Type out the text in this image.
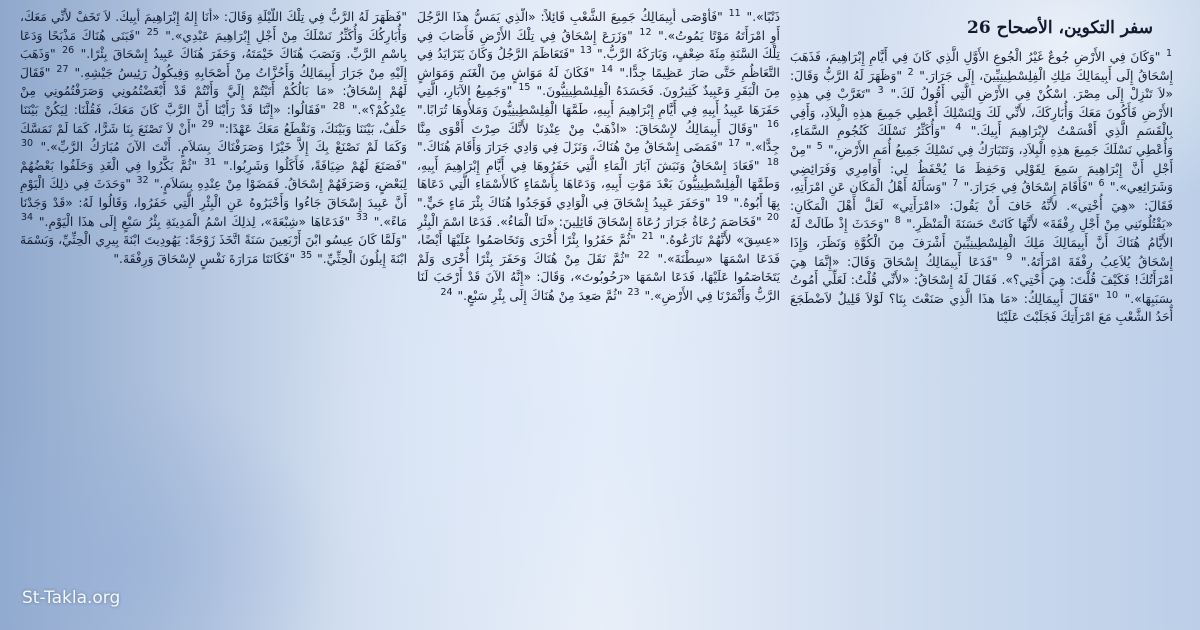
سفر التكوين، الأصحاح 26
$^1$ "وَكَانَ فِي الأَرْضِ جُوعٌ غَيْرُ الْجُوعِ الأَوَّلِ الَّذِي كَانَ فِي أَيَّامِ إِبْرَاهِيمَ، فَذَهَبَ إِسْحَاقُ إِلَى أَبِيمَالِكَ مَلِكِ الْفِلِسْطِينِيِّينَ، إِلَى جَرَارَ." $^2$ "وَظَهَرَ لَهُ الرَّبُّ وَقَالَ: «لاَ تَنْزِلْ إِلَى مِصْرَ. اسْكُنْ فِي الأَرْضِ الَّتِي أَقُولُ لَكَ." $^3$ "تَغَرَّبْ فِي هذِهِ الأَرْضِ فَأَكُونَ مَعَكَ وَأُبَارِكَكَ، لأَنِّي لَكَ وَلِنَسْلِكَ أُعْطِي جَمِيعَ هذِهِ الْبِلاَدِ، وَأَفِي بِالْقَسَمِ الَّذِي أَقْسَمْتُ لإِبْرَاهِيمَ أَبِيكَ." $^4$ "وَأُكَثِّرُ نَسْلَكَ كَنُجُومِ السَّمَاءِ، وَأُعْطِي نَسْلَكَ جَمِيعَ هذِهِ الْبِلاَدِ، وَتَتَبَارَكُ فِي نَسْلِكَ جَمِيعُ أُمَمِ الأَرْضِ،" $^5$ "مِنْ أَجْلِ أَنَّ إِبْرَاهِيمَ سَمِعَ لِقَوْلِي وَحَفِظَ مَا يُحْفَظُ لِي: أَوَامِرِي وَفَرَائِضِي وَشَرَائِعِي»." $^6$ "فَأَقَامَ إِسْحَاقُ فِي جَرَارَ." $^7$ "وَسَأَلَهُ أَهْلُ الْمَكَانِ عَنِ امْرَأَتِهِ، فَقَالَ: «هِيَ أُخْتِي». لأَنَّهُ خَافَ أَنْ يَقُولَ: «امْرَأَتِي» لَعَلَّ أَهْلَ الْمَكَانِ: «يَقْتُلُونَنِي مِنْ أَجْلِ رِفْقَةَ» لأَنَّهَا كَانَتْ حَسَنَةَ الْمَنْظَرِ." $^8$ "وَحَدَثَ إِذْ طَالَتْ لَهُ الأَيَّامُ هُنَاكَ أَنَّ أَبِيمَالِكَ مَلِكَ الْفِلِسْطِينِيِّينَ أَشْرَفَ مِنَ الْكُوَّةِ وَنَظَرَ، وَإِذَا إِسْحَاقُ يُلاَعِبُ رِفْقَةَ امْرَأَتَهُ." $^9$ "فَدَعَا أَبِيمَالِكُ إِسْحَاقَ وَقَالَ: «إِنَّمَا هِيَ امْرَأَتُكَ! فَكَيْفَ قُلْتَ: هِيَ أُخْتِي؟». فَقَالَ لَهُ إِسْحَاقُ: «لأَنِّي قُلْتُ: لَعَلِّي أَمُوتُ بِسَبَبِهَا»." $^{10}$ "فَقَالَ أَبِيمَالِكُ: «مَا هذَا الَّذِي صَنَعْتَ بِنَا؟ لَوْلاَ قَلِيلٌ لاَضْطَجَعَ أَحَدُ الشَّعْبِ مَعَ امْرَأَتِكَ فَجَلَبْتَ عَلَيْنَا
ذَنْبًا»." $^{11}$ "فَأَوْصَى أَبِيمَالِكُ جَمِيعَ الشَّعْبِ قَائِلاً: «الَّذِي يَمَسُّ هذَا الرَّجُلَ أَوِ امْرَأَتَهُ مَوْتًا يَمُوتُ»." $^{12}$ "وَزَرَعَ إِسْحَاقُ فِي تِلْكَ الأَرْضِ فَأَصَابَ فِي تِلْكَ السَّنَةِ مِئَةَ ضِعْفٍ، وَبَارَكَهُ الرَّبُّ." $^{13}$ "فَتَعَاظَمَ الرَّجُلُ وَكَانَ يَتَزَايَدُ فِي التَّعَاظُمِ حَتَّى صَارَ عَظِيمًا جِدًّا." $^{14}$ "فَكَانَ لَهُ مَوَاشٍ مِنَ الْغَنَمِ وَمَوَاشٍ مِنَ الْبَقَرِ وَعَبِيدٌ كَثِيرُونَ. فَحَسَدَهُ الْفِلِسْطِينِيُّونَ." $^{15}$ "وَجَمِيعُ الآبَارِ، الَّتِي حَفَرَهَا عَبِيدُ أَبِيهِ فِي أَيَّامِ إِبْرَاهِيمَ أَبِيهِ، طَمَّهَا الْفِلِسْطِينِيُّونَ وَمَلأُوهَا تُرَابًا." $^{16}$ "وَقَالَ أَبِيمَالِكُ لإِسْحَاقَ: «اذْهَبْ مِنْ عِنْدِنَا لأَنَّكَ صِرْتَ أَقْوَى مِنَّا جِدًّا»." $^{17}$ "فَمَضَى إِسْحَاقُ مِنْ هُنَاكَ، وَنَزَلَ فِي وَادِي جَرَارَ وَأَقَامَ هُنَاكَ." $^{18}$ "فَعَادَ إِسْحَاقُ وَنَبَشَ آبَارَ الْمَاءِ الَّتِي حَفَرُوهَا فِي أَيَّامِ إِبْرَاهِيمَ أَبِيهِ، وَطَمَّهَا الْفِلِسْطِينِيُّونَ بَعْدَ مَوْتِ أَبِيهِ، وَدَعَاهَا بِأَسْمَاءٍ كَالأَسْمَاءِ الَّتِي دَعَاهَا بِهَا أَبُوهُ." $^{19}$ "وَحَفَرَ عَبِيدُ إِسْحَاقَ فِي الْوَادِي فَوَجَدُوا هُنَاكَ بِئْرَ مَاءٍ حَيٍّ." $^{20}$ "فَخَاصَمَ رُعَاةُ جَرَارَ رُعَاةَ إِسْحَاقَ قَائِلِينَ: «لَنَا الْمَاءُ». فَدَعَا اسْمَ الْبِئْرِ «عِسِقَ» لأَنَّهُمْ نَازَعُوهُ." $^{21}$ "ثُمَّ حَفَرُوا بِئْرًا أُخْرَى وَتَخَاصَمُوا عَلَيْهَا أَيْضًا، فَدَعَا اسْمَهَا «سِطْنَةَ»." $^{22}$ "ثُمَّ نَقَلَ مِنْ هُنَاكَ وَحَفَرَ بِئْرًا أُخْرَى وَلَمْ يَتَخَاصَمُوا عَلَيْهَا، فَدَعَا اسْمَهَا «رَحُوبُوتَ»، وَقَالَ: «إِنَّهُ الآنَ قَدْ أَرْحَبَ لَنَا الرَّبُّ وَأَثْمَرْنَا فِي الأَرْضِ»." $^{23}$ "ثُمَّ صَعِدَ مِنْ هُنَاكَ إِلَى بِئْرِ سَبْعٍ." $^{24}$
"فَظَهَرَ لَهُ الرَّبُّ فِي تِلْكَ اللَّيْلَةِ وَقَالَ: «أَنَا إِلهُ إِبْرَاهِيمَ أَبِيكَ. لاَ تَخَفْ لأَنِّي مَعَكَ، وَأُبَارِكُكَ وَأُكَثِّرُ نَسْلَكَ مِنْ أَجْلِ إِبْرَاهِيمَ عَبْدِي»." $^{25}$ "فَبَنَى هُنَاكَ مَذْبَحًا وَدَعَا بِاسْمِ الرَّبِّ. وَنَصَبَ هُنَاكَ خَيْمَتَهُ، وَحَفَرَ هُنَاكَ عَبِيدُ إِسْحَاقَ بِئْرًا." $^{26}$ "وَذَهَبَ إِلَيْهِ مِنْ جَرَارَ أَبِيمَالِكُ وَأَحُزَّاتُ مِنْ أَصْحَابِهِ وَفِيكُولُ رَئِيسُ جَيْشِهِ." $^{27}$ "فَقَالَ لَهُمْ إِسْحَاقُ: «مَا بَالُكُمْ أَتَيْتُمْ إِلَيَّ وَأَنْتُمْ قَدْ أَبْغَضْتُمُونِي وَصَرَفْتُمُونِي مِنْ عِنْدِكُمْ؟»." $^{28}$ "فَقَالُوا: «إِنَّنَا قَدْ رَأَيْنَا أَنَّ الرَّبَّ كَانَ مَعَكَ، فَقُلْنَا: لِيَكُنْ بَيْنَنَا حَلْفٌ، بَيْنَنَا وَبَيْنَكَ، وَنَقْطَعُ مَعَكَ عَهْدًا:" $^{29}$ "أَنْ لاَ تَصْنَعَ بِنَا شَرًّا، كَمَا لَمْ نَمَسَّكَ وَكَمَا لَمْ نَصْنَعْ بِكَ إِلاَّ خَيْرًا وَصَرَفْنَاكَ بِسَلاَمٍ. أَنْتَ الآنَ مُبَارَكُ الرَّبِّ»." $^{30}$ "فَصَنَعَ لَهُمْ ضِيَافَةً، فَأَكَلُوا وَشَرِبُوا." $^{31}$ "ثُمَّ بَكَّرُوا فِي الْغَدِ وَحَلَفُوا بَعْضُهُمْ لِبَعْضٍ، وَصَرَفَهُمْ إِسْحَاقُ. فَمَضَوْا مِنْ عِنْدِهِ بِسَلاَمٍ." $^{32}$ "وَحَدَثَ فِي ذلِكَ الْيَوْمِ أَنَّ عَبِيدَ إِسْحَاقَ جَاءُوا وَأَخْبَرُوهُ عَنِ الْبِئْرِ الَّتِي حَفَرُوا، وَقَالُوا لَهُ: «قَدْ وَجَدْنَا مَاءً»." $^{33}$ "فَدَعَاهَا «شِبْعَةَ»، لِذلِكَ اسْمُ الْمَدِينَةِ بِئْرُ سَبْعٍ إِلَى هذَا الْيَوْمِ." $^{34}$ "وَلَمَّا كَانَ عِيسُو ابْنَ أَرْبَعِينَ سَنَةً اتَّخَذَ زَوْجَةً: يَهُودِيتَ ابْنَةَ بِيرِي الْحِثِّيِّ، وَبَسْمَةَ ابْنَةَ إِيلُونَ الْحِثِّيِّ." $^{35}$ "فَكَانَتَا مَرَارَةَ نَفْسٍ لإِسْحَاقَ وَرِفْقَةَ."
St-Takla.org
